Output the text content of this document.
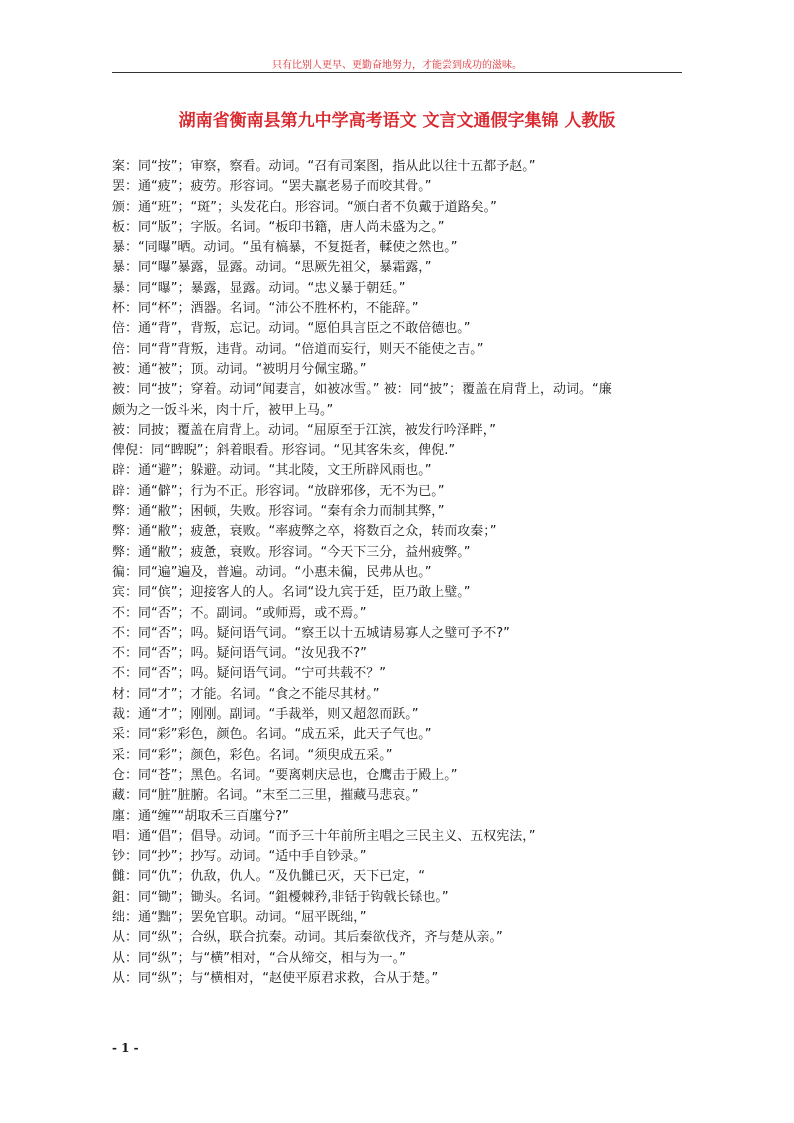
只有比别人更早、更勤奋地努力，才能尝到成功的滋味。
湖南省衡南县第九中学高考语文 文言文通假字集锦 人教版
案：同“按”；审察，察看。动词。“召有司案图，指从此以往十五都予赵。”
罢：通“疲”；疲劳。形容词。“罢夫羸老易子而咬其骨。”
颁：通“班”；“斑”；头发花白。形容词。“颁白者不负戴于道路矣。”
板：同“版”；字版。名词。“板印书籍，唐人尚未盛为之。”
暴：“同曝”晒。动词。“虽有槁暴，不复挺者，輮使之然也。”
暴：同“曝”暴露，显露。动词。“思厥先祖父，暴霜露，”
暴：同“曝”；暴露，显露。动词。“忠义暴于朝廷。”
杯：同“杯”；酒器。名词。“沛公不胜杯杓，不能辞。”
倍：通“背”，背叛，忘记。动词。“愿伯具言臣之不敢倍德也。”
倍：同“背”背叛，违背。动词。“倍道而妄行，则天不能使之吉。”
被：通“被”；顶。动词。“被明月兮佩宝璐。”
被：同“披”；穿着。动词“闻妻言，如被冰雪。” 被：同“披”；覆盖在肩背上，动词。“廉
颇为之一饭斗米，肉十斤，被甲上马。”
被：同披；覆盖在肩背上。动词。“屈原至于江滨，被发行吟泽畔，”
俾倪：同“睥睨”；斜着眼看。形容词。“见其客朱亥，俾倪.”
辟：通“避”；躲避。动词。“其北陵，文王所辟风雨也。”
辟：通“僻”；行为不正。形容词。“放辟邪侈，无不为已。”
弊：通“敝”；困顿，失败。形容词。“秦有余力而制其弊，”
弊：通“敝”；疲惫，衰败。“率疲弊之卒，将数百之众，转而攻秦；”
弊：通“敝”；疲惫，衰败。形容词。“今天下三分，益州疲弊。”
徧：同“遍”遍及，普遍。动词。“小惠未徧，民弗从也。”
宾：同“傧”；迎接客人的人。名词“设九宾于廷，臣乃敢上璧。”
不：同“否”；不。副词。“或师焉，或不焉。”
不：同“否”；吗。疑问语气词。“察王以十五城请易寡人之璧可予不?”
不：同“否”；吗。疑问语气词。“汝见我不?”
不：同“否”；吗。疑问语气词。“宁可共载不？”
材：同“才”；才能。名词。“食之不能尽其材。”
裁：通“才”；刚刚。副词。“手裁举，则又超忽而跃。”
采：同“彩”彩色，颜色。名词。“成五采，此天子气也。”
采：同“彩”；颜色，彩色。名词。“须臾成五采。”
仓：同“苍”；黑色。名词。“要离刺庆忌也，仓鹰击于殿上。”
藏：同“脏”脏腑。名词。“末至二三里，摧藏马悲哀。”
廛：通“缠”“胡取禾三百廛兮?”
唱：通“倡”；倡导。动词。“而予三十年前所主唱之三民主义、五权宪法，”
钞：同“抄”；抄写。动词。“适中手自钞录。”
雠：同“仇”；仇敌，仇人。“及仇雠已灭，天下已定，“
鉏：同“锄”；锄头。名词。“鉏櫌棘矜,非铦于钩戟长铩也。”
绌：通“黜”；罢免官职。动词。“屈平既绌，”
从：同“纵”；合纵，联合抗秦。动词。其后秦欲伐齐，齐与楚从亲。”
从：同“纵”；与“横”相对，“合从缔交，相与为一。”
从：同“纵”；与“横相对，“赵使平原君求救，合从于楚。”
- 1 -
